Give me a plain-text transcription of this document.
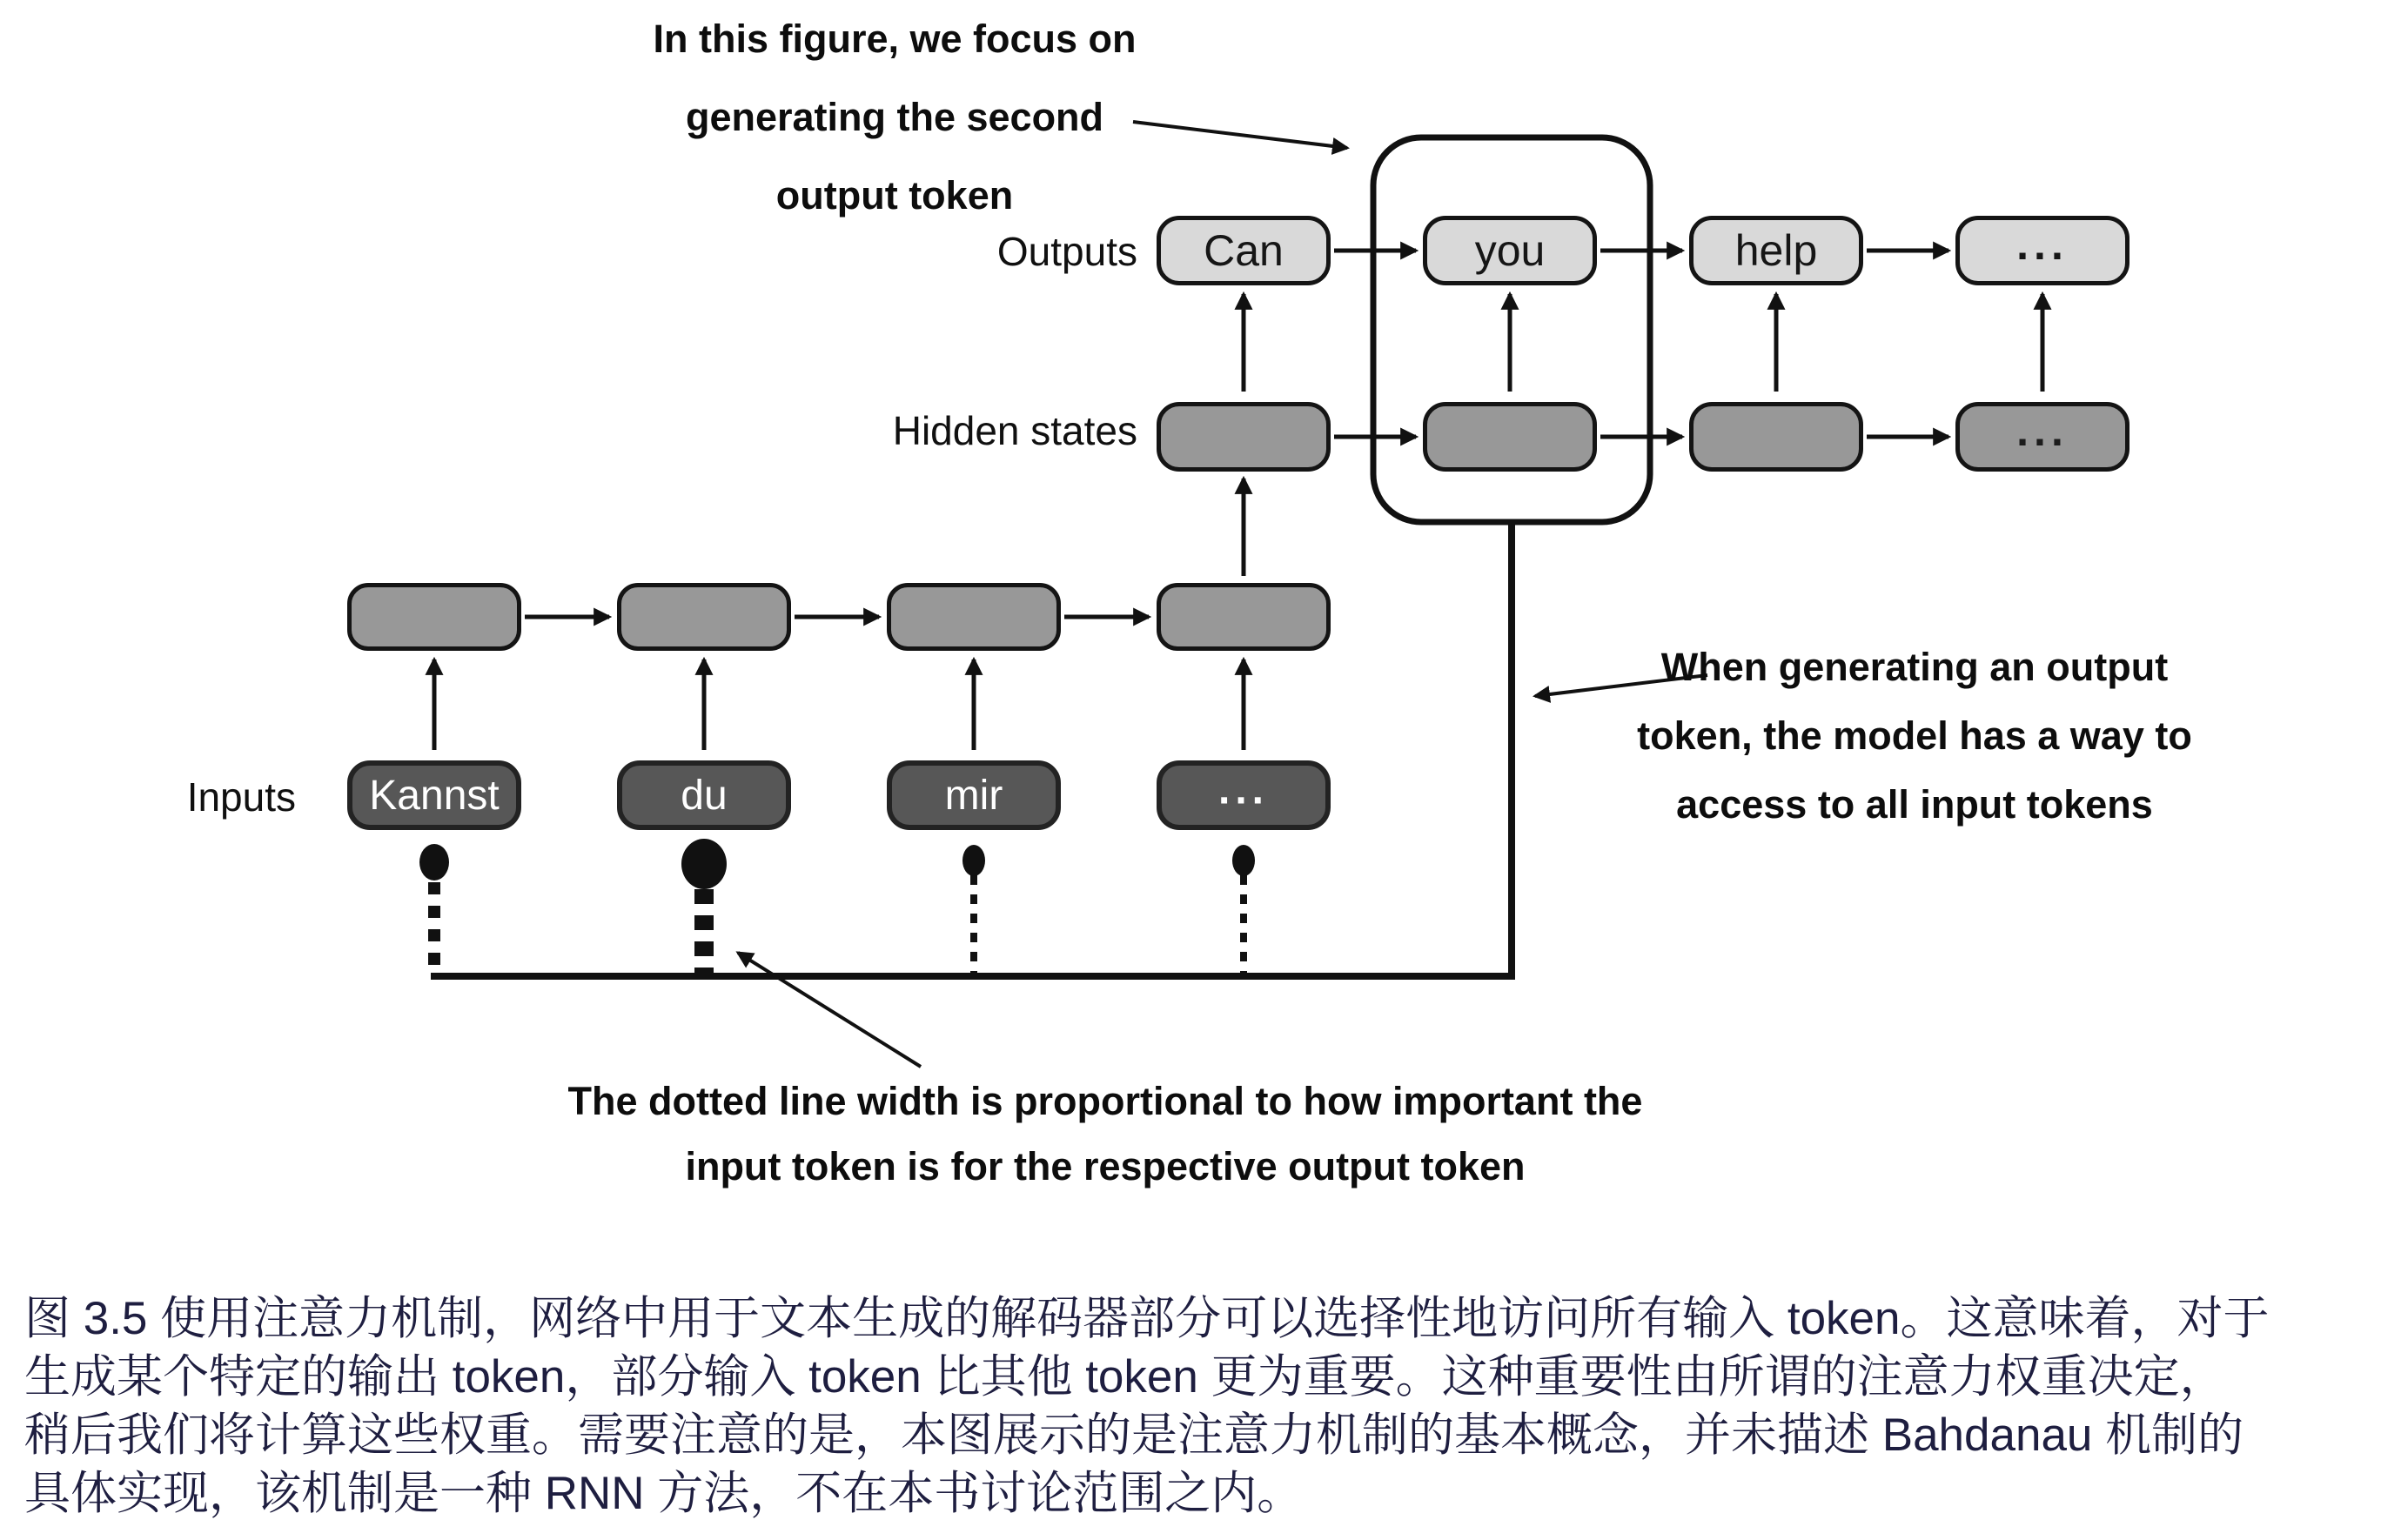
Outputs
Hidden states
Inputs
Can	you	help	...
...
Kannst	du	mir	...
In this figure, we focus on
generating the second
output token
When generating an output
token, the model has a way to
access to all input tokens
The dotted line width is proportional to how important the
input token is for the respective output token
图 3.5 使用注意力机制，网络中用于文本生成的解码器部分可以选择性地访问所有输入 token。这意味着，对于
生成某个特定的输出 token，部分输入 token 比其他 token 更为重要。这种重要性由所谓的注意力权重决定，
稍后我们将计算这些权重。需要注意的是，本图展示的是注意力机制的基本概念，并未描述 Bahdanau 机制的
具体实现，该机制是一种 RNN 方法，不在本书讨论范围之内。
